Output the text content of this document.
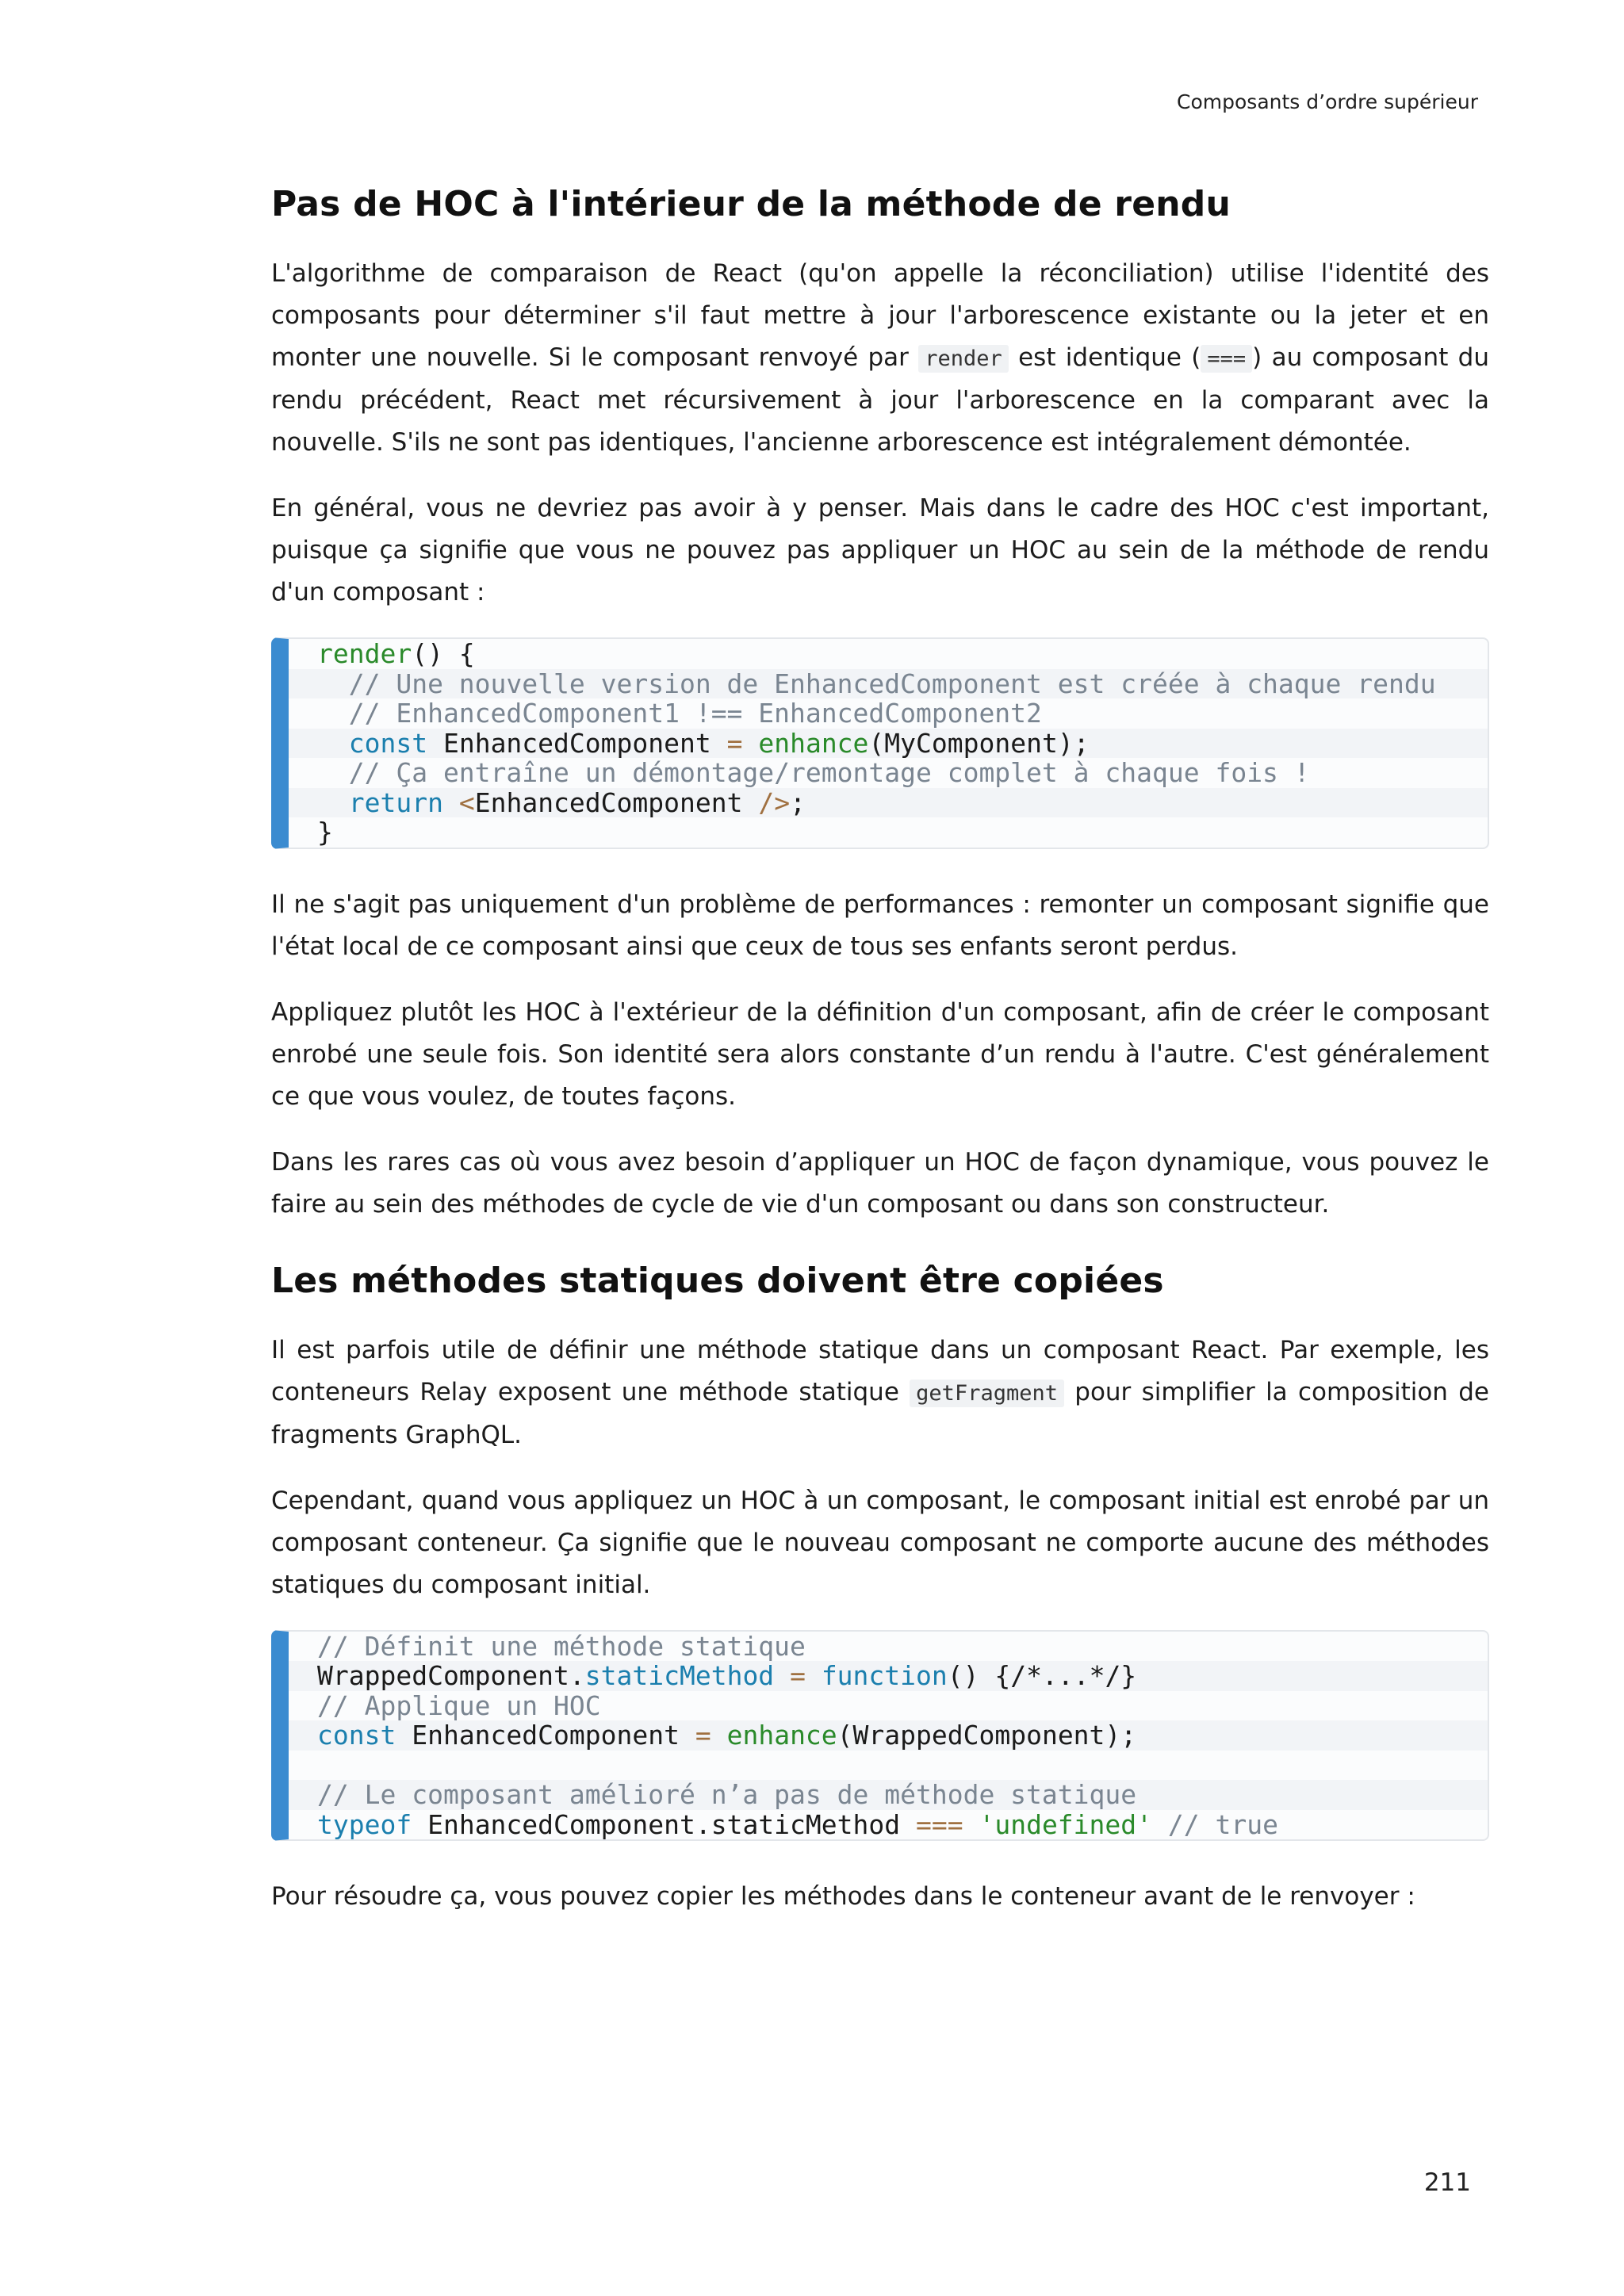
Composants d’ordre supérieur
Pas de HOC à l'intérieur de la méthode de rendu

L'algorithme de comparaison de React (qu'on appelle la réconciliation) utilise l'identité des composants pour déterminer s'il faut mettre à jour l'arborescence existante ou la jeter et en monter une nouvelle. Si le composant renvoyé par render est identique ( === ) au composant du rendu précédent, React met récursivement à jour l'arborescence en la comparant avec la nouvelle. S'ils ne sont pas identiques, l'ancienne arborescence est intégralement démontée.

En général, vous ne devriez pas avoir à y penser. Mais dans le cadre des HOC c'est important, puisque ça signifie que vous ne pouvez pas appliquer un HOC au sein de la méthode de rendu d'un composant :

render() {
// Une nouvelle version de EnhancedComponent est créée à chaque rendu
// EnhancedComponent1 !== EnhancedComponent2
const EnhancedComponent = enhance(MyComponent);
// Ça entraîne un démontage/remontage complet à chaque fois !
return <EnhancedComponent />;
}

Il ne s'agit pas uniquement d'un problème de performances : remonter un composant signifie que l'état local de ce composant ainsi que ceux de tous ses enfants seront perdus.

Appliquez plutôt les HOC à l'extérieur de la définition d'un composant, afin de créer le composant enrobé une seule fois. Son identité sera alors constante d’un rendu à l'autre. C'est généralement ce que vous voulez, de toutes façons.

Dans les rares cas où vous avez besoin d’appliquer un HOC de façon dynamique, vous pouvez le faire au sein des méthodes de cycle de vie d'un composant ou dans son constructeur.

Les méthodes statiques doivent être copiées

Il est parfois utile de définir une méthode statique dans un composant React. Par exemple, les conteneurs Relay exposent une méthode statique getFragment pour simplifier la composition de fragments GraphQL.

Cependant, quand vous appliquez un HOC à un composant, le composant initial est enrobé par un composant conteneur. Ça signifie que le nouveau composant ne comporte aucune des méthodes statiques du composant initial.

// Définit une méthode statique
WrappedComponent.staticMethod = function() {/*...*/}
// Applique un HOC
const EnhancedComponent = enhance(WrappedComponent);
// Le composant amélioré n’a pas de méthode statique
typeof EnhancedComponent.staticMethod === 'undefined' // true

Pour résoudre ça, vous pouvez copier les méthodes dans le conteneur avant de le renvoyer :

211
